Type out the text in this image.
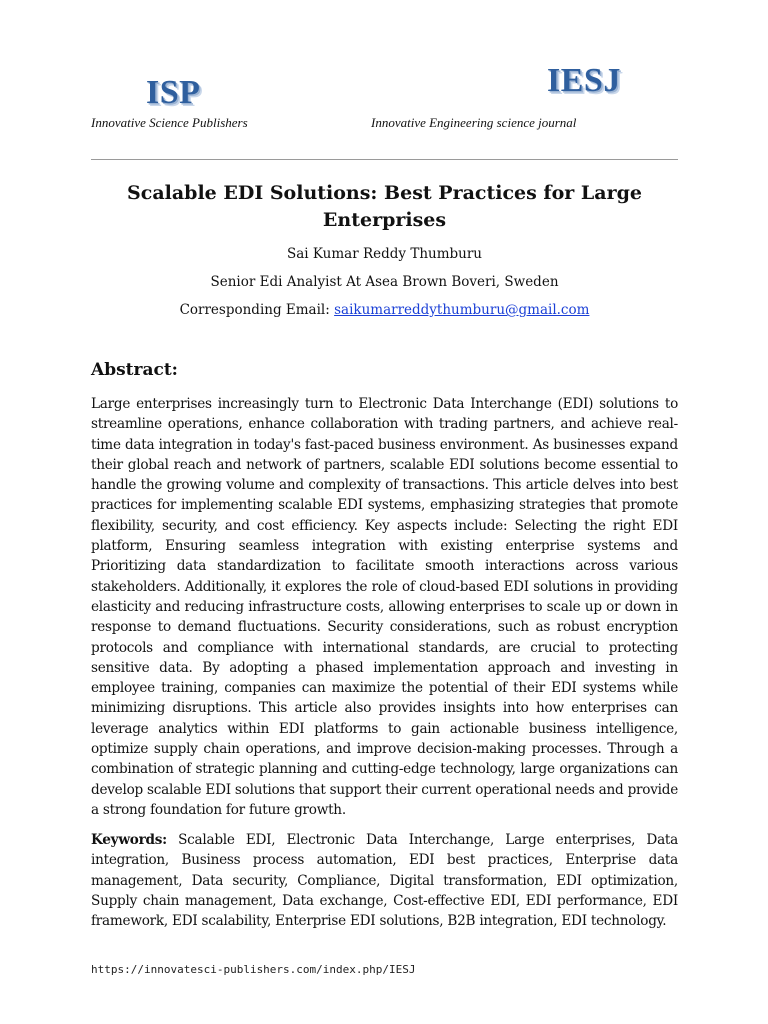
ISP
Innovative Science Publishers
IESJ
Innovative Engineering science journal
Scalable EDI Solutions: Best Practices for Large Enterprises
Sai Kumar Reddy Thumburu
Senior Edi Analyist At Asea Brown Boveri, Sweden
Corresponding Email: saikumarreddythumburu@gmail.com
Abstract:

Large enterprises increasingly turn to Electronic Data Interchange (EDI) solutions to streamline operations, enhance collaboration with trading partners, and achieve real-time data integration in today's fast-paced business environment. As businesses expand their global reach and network of partners, scalable EDI solutions become essential to handle the growing volume and complexity of transactions. This article delves into best practices for implementing scalable EDI systems, emphasizing strategies that promote flexibility, security, and cost efficiency. Key aspects include: Selecting the right EDI platform, Ensuring seamless integration with existing enterprise systems and Prioritizing data standardization to facilitate smooth interactions across various stakeholders. Additionally, it explores the role of cloud-based EDI solutions in providing elasticity and reducing infrastructure costs, allowing enterprises to scale up or down in response to demand fluctuations. Security considerations, such as robust encryption protocols and compliance with international standards, are crucial to protecting sensitive data. By adopting a phased implementation approach and investing in employee training, companies can maximize the potential of their EDI systems while minimizing disruptions. This article also provides insights into how enterprises can leverage analytics within EDI platforms to gain actionable business intelligence, optimize supply chain operations, and improve decision-making processes. Through a combination of strategic planning and cutting-edge technology, large organizations can develop scalable EDI solutions that support their current operational needs and provide a strong foundation for future growth.

Keywords: Scalable EDI, Electronic Data Interchange, Large enterprises, Data integration, Business process automation, EDI best practices, Enterprise data management, Data security, Compliance, Digital transformation, EDI optimization, Supply chain management, Data exchange, Cost-effective EDI, EDI performance, EDI framework, EDI scalability, Enterprise EDI solutions, B2B integration, EDI technology.

https://innovatesci-publishers.com/index.php/IESJ
